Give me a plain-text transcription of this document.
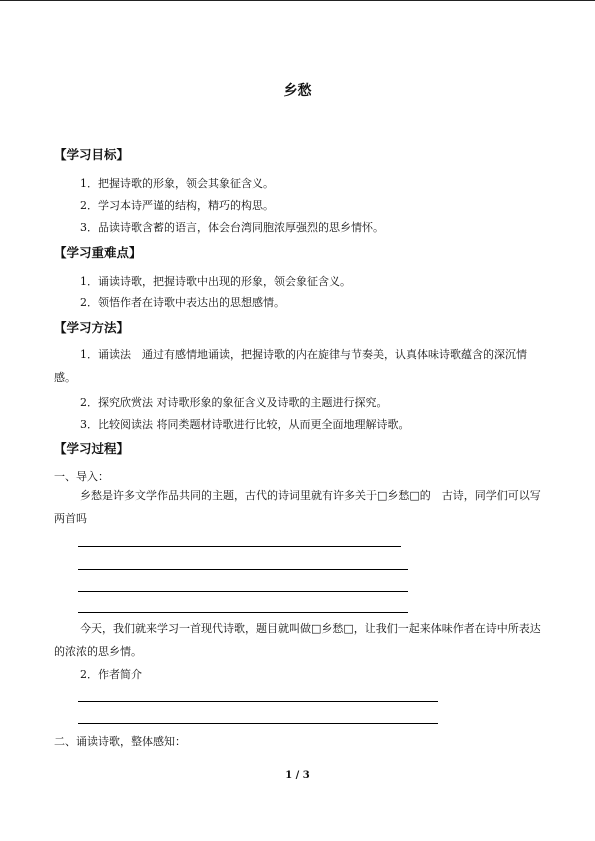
乡愁
【学习目标】
1．把握诗歌的形象，领会其象征含义。
2．学习本诗严谨的结构，精巧的构思。
3．品读诗歌含蓄的语言，体会台湾同胞浓厚强烈的思乡情怀。
【学习重难点】
1．诵读诗歌，把握诗歌中出现的形象，领会象征含义。
2．领悟作者在诗歌中表达出的思想感情。
【学习方法】
1．诵读法　通过有感情地诵读，把握诗歌的内在旋律与节奏美，认真体味诗歌蕴含的深沉情感。
2．探究欣赏法 对诗歌形象的象征含义及诗歌的主题进行探究。
3．比较阅读法 将同类题材诗歌进行比较，从而更全面地理解诗歌。
【学习过程】
一、导入：
乡愁是许多文学作品共同的主题，古代的诗词里就有许多关于□乡愁□的　古诗，同学们可以写两首吗
今天，我们就来学习一首现代诗歌，题目就叫做□乡愁□，让我们一起来体味作者在诗中所表达的浓浓的思乡情。
2．作者简介
二、诵读诗歌，整体感知：
1 / 3
